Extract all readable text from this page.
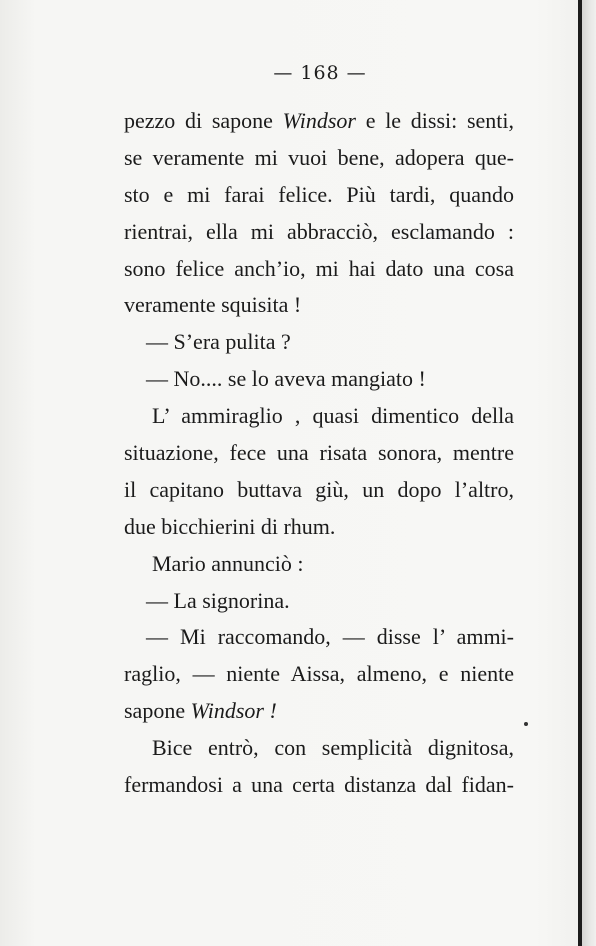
— 168 —
pezzo di sapone Windsor e le dissi: senti,
se veramente mi vuoi bene, adopera que-
sto e mi farai felice. Più tardi, quando
rientrai, ella mi abbracciò, esclamando :
sono felice anch’io, mi hai dato una cosa
veramente squisita !
— S’era pulita ?
— No.... se lo aveva mangiato !
L’ ammiraglio , quasi dimentico della
situazione, fece una risata sonora, mentre
il capitano buttava giù, un dopo l’altro,
due bicchierini di rhum.
Mario annunciò :
— La signorina.
— Mi raccomando, — disse l’ ammi-
raglio, — niente Aissa, almeno, e niente
sapone Windsor !
Bice entrò, con semplicità dignitosa,
fermandosi a una certa distanza dal fidan-
